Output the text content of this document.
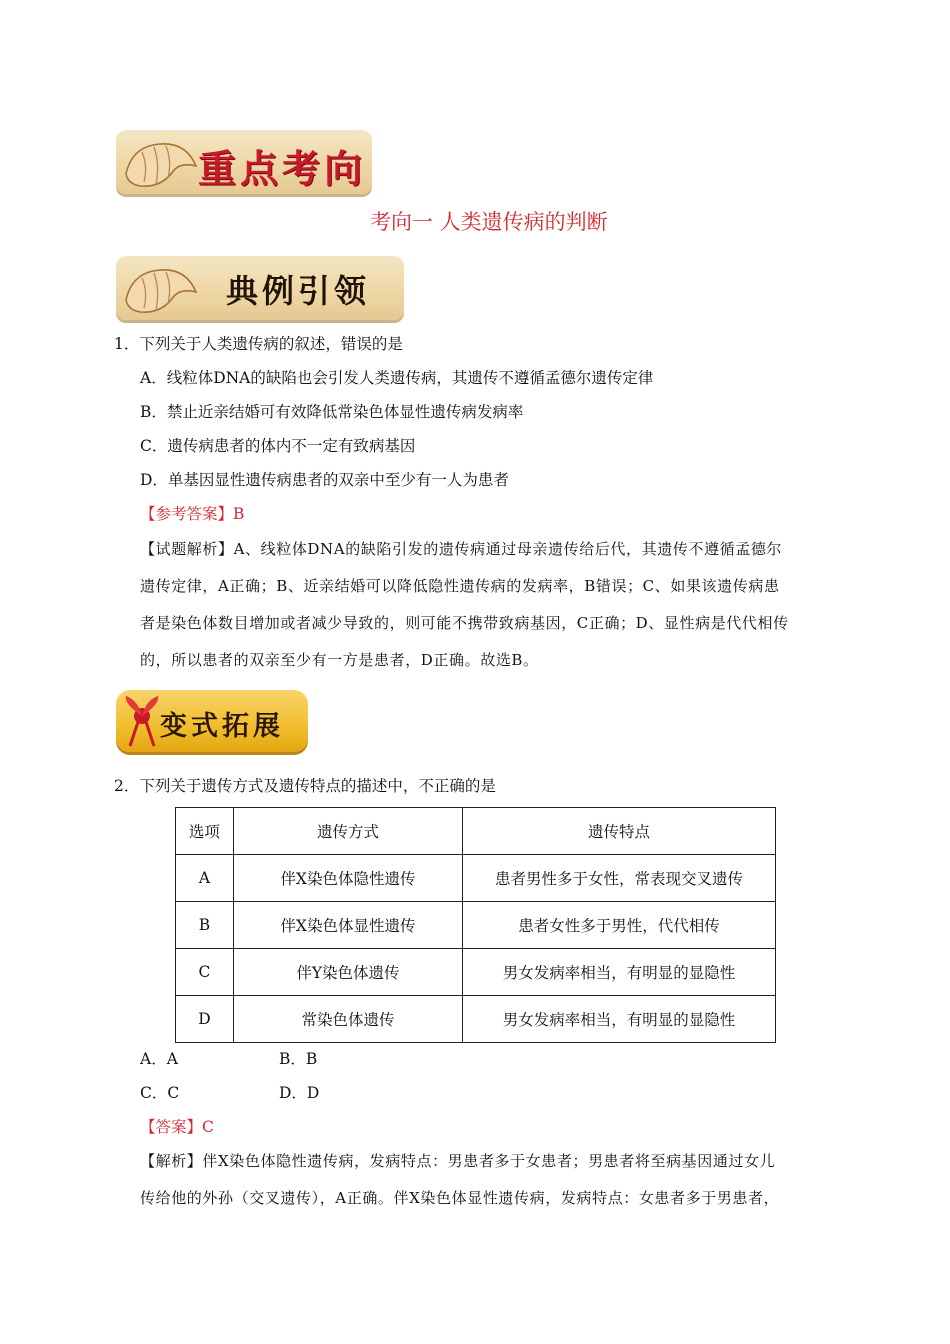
重点考向
考向一 人类遗传病的判断
典例引领
1．下列关于人类遗传病的叙述，错误的是
A．线粒体DNA的缺陷也会引发人类遗传病，其遗传不遵循孟德尔遗传定律
B．禁止近亲结婚可有效降低常染色体显性遗传病发病率
C．遗传病患者的体内不一定有致病基因
D．单基因显性遗传病患者的双亲中至少有一人为患者
【参考答案】B
【试题解析】A、线粒体DNA的缺陷引发的遗传病通过母亲遗传给后代，其遗传不遵循孟德尔
遗传定律，A正确；B、近亲结婚可以降低隐性遗传病的发病率，B错误；C、如果该遗传病患
者是染色体数目增加或者减少导致的，则可能不携带致病基因，C正确；D、显性病是代代相传
的，所以患者的双亲至少有一方是患者，D正确。故选B。
变式拓展
2．下列关于遗传方式及遗传特点的描述中，不正确的是
选项	遗传方式	遗传特点
A	伴X染色体隐性遗传	患者男性多于女性，常表现交叉遗传
B	伴X染色体显性遗传	患者女性多于男性，代代相传
C	伴Y染色体遗传	男女发病率相当，有明显的显隐性
D	常染色体遗传	男女发病率相当，有明显的显隐性
A．A	B．B
C．C	D．D
【答案】C
【解析】伴X染色体隐性遗传病，发病特点：男患者多于女患者；男患者将至病基因通过女儿
传给他的外孙（交叉遗传），A正确。伴X染色体显性遗传病，发病特点：女患者多于男患者，
